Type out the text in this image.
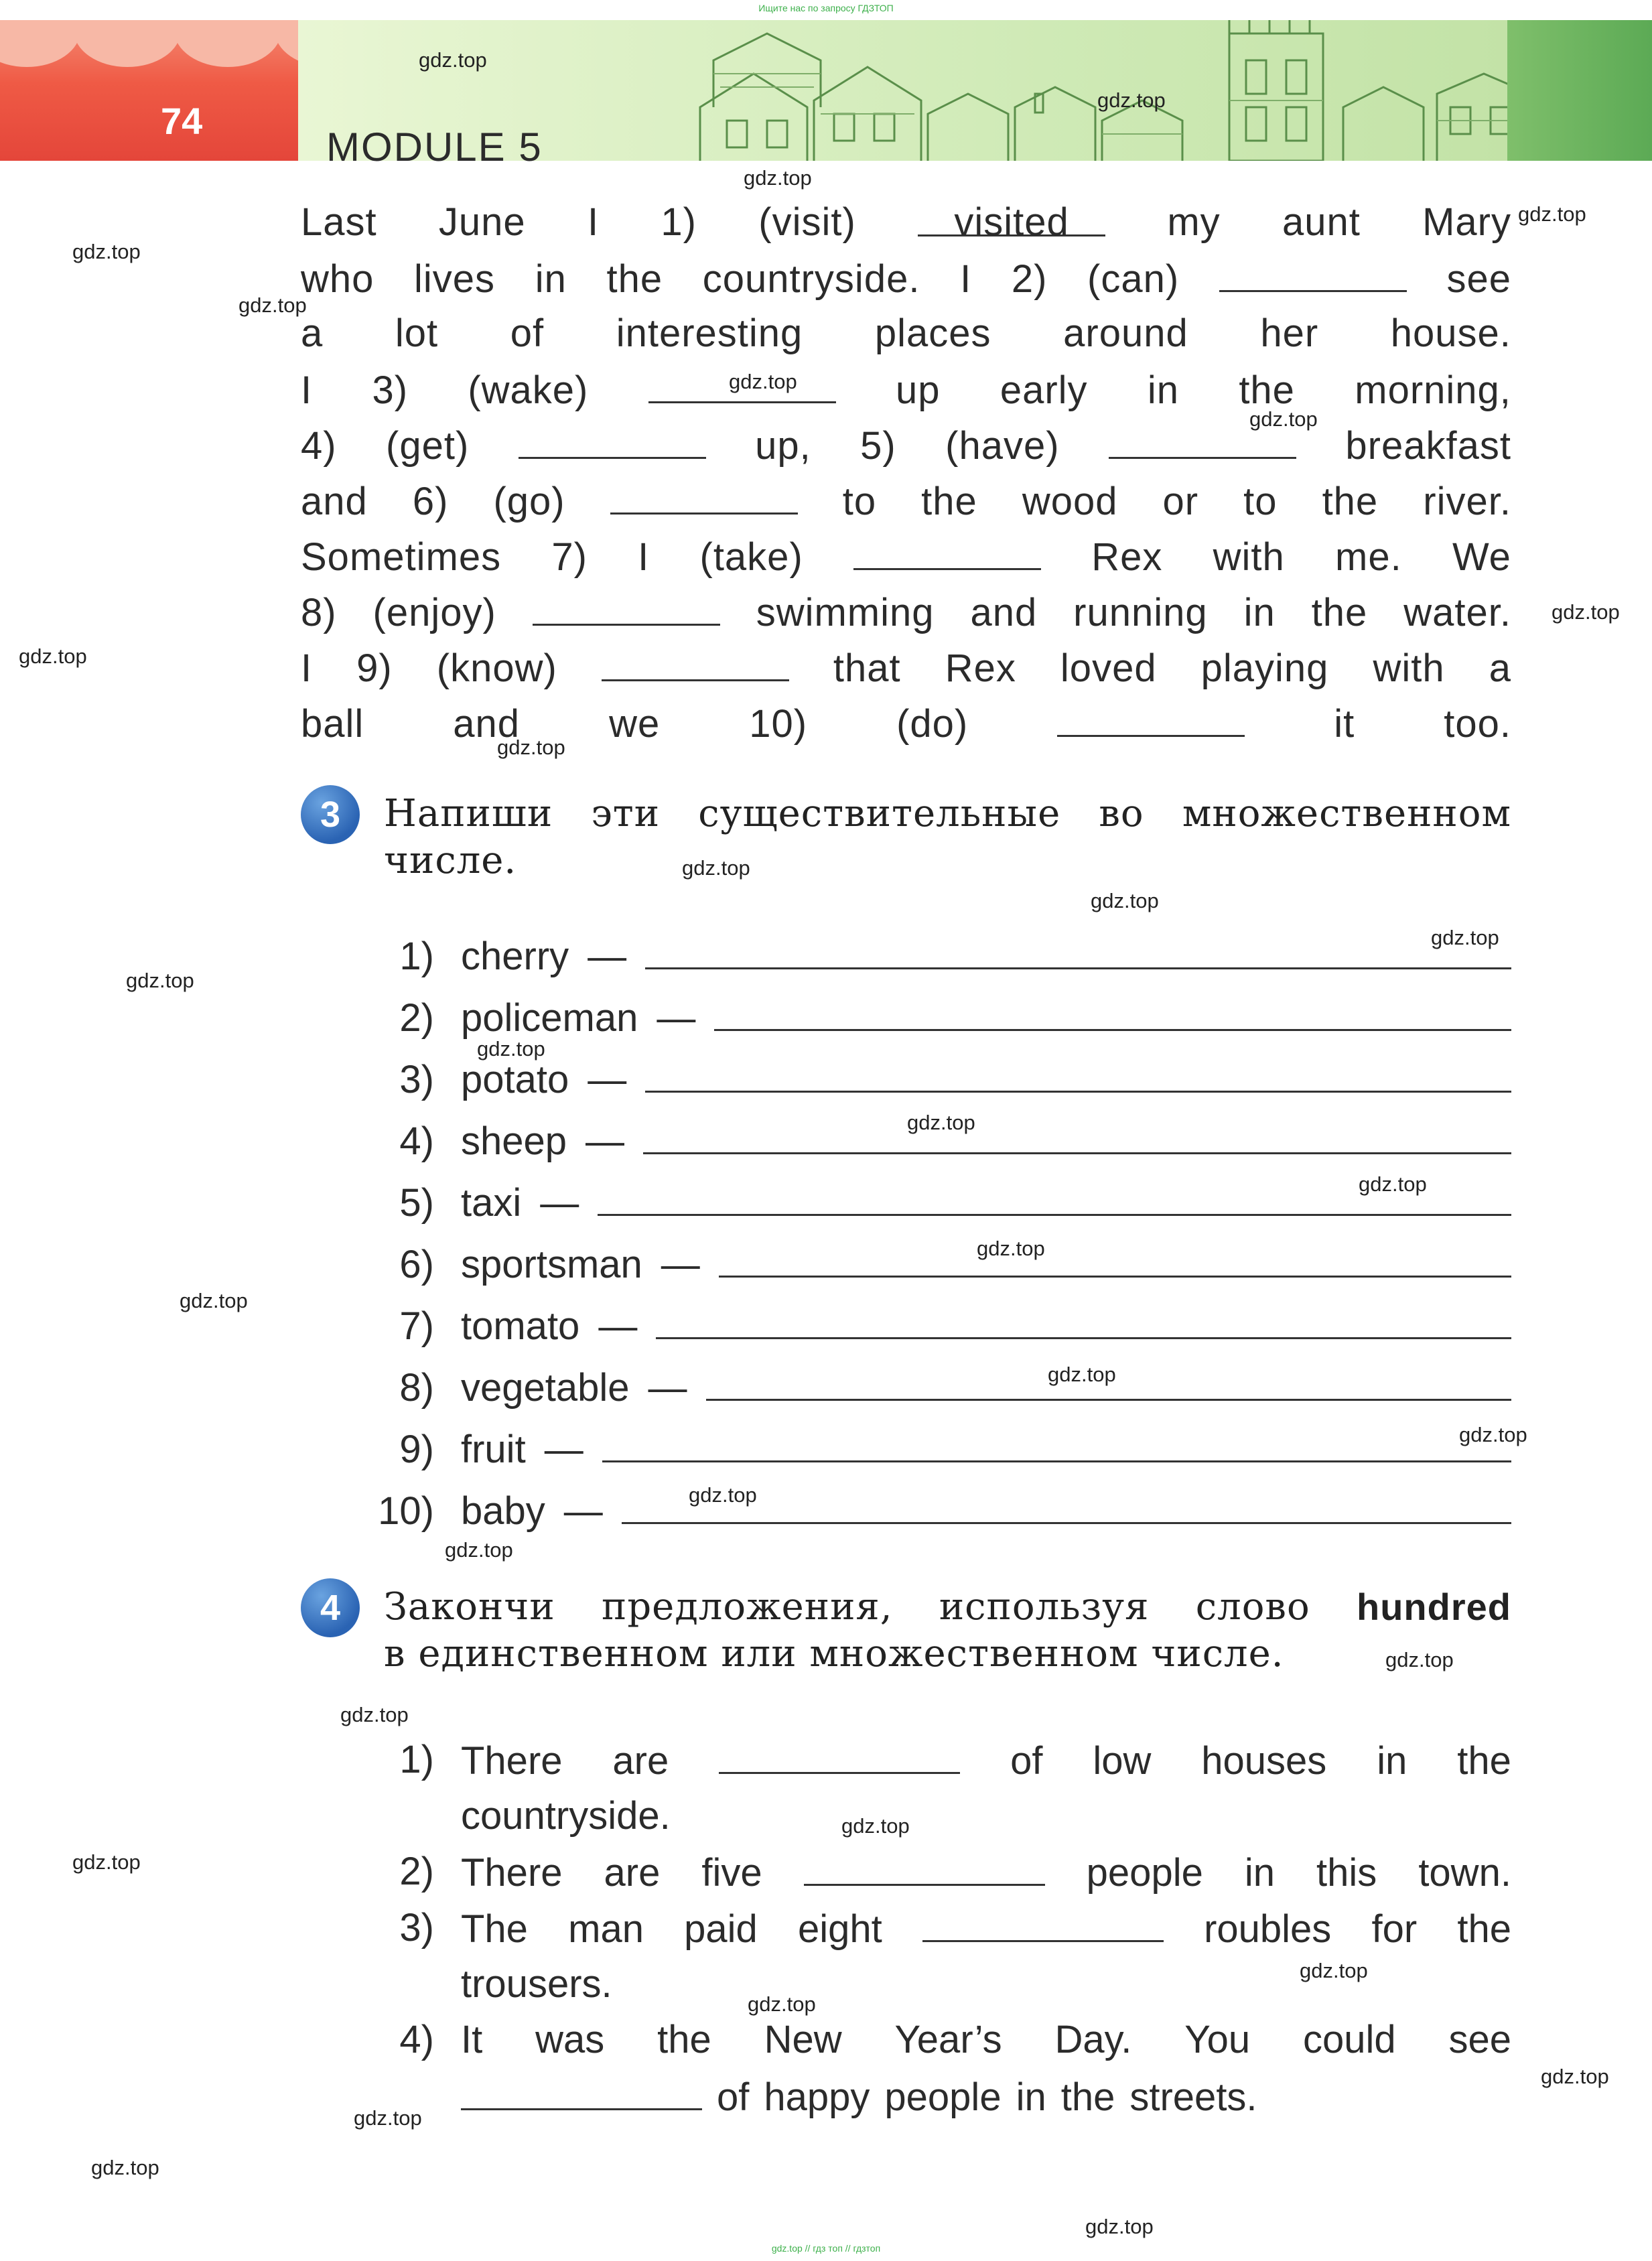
Ищите нас по запросу ГДЗТОП
74
MODULE 5
Last June I 1) (visit)	visited	my aunt Mary
who lives in the countryside. I 2) (can)	see
a lot of interesting places around her house.
I 3) (wake)	up early in the morning,
4) (get)	up, 5) (have)	breakfast
and 6) (go)	to the wood or to the river.
Sometimes 7) I (take)	Rex with me. We
8) (enjoy)	swimming and running in the water.
I 9) (know)	that Rex loved playing with a
ball and we 10) (do)	it too.
3	Напиши эти существительные во множественном
числе.
1) cherry —
2) policeman —
3) potato —
4) sheep —
5) taxi —
6) sportsman —
7) tomato —
8) vegetable —
9) fruit —
10) baby —
4	Закончи предложения, используя слово hundred
в единственном или множественном числе.
1) There are	of low houses in the
countryside.
2) There are five	people in this town.
3) The man paid eight	roubles for the
trousers.
4) It was the New Year’s Day. You could see
of happy people in the streets.
gdz.top
gdz.top
gdz.top
gdz.top
gdz.top
gdz.top
gdz.top
gdz.top
gdz.top
gdz.top
gdz.top
gdz.top
gdz.top
gdz.top
gdz.top
gdz.top
gdz.top
gdz.top
gdz.top
gdz.top
gdz.top
gdz.top
gdz.top
gdz.top
gdz.top
gdz.top
gdz.top
gdz.top
gdz.top
gdz.top
gdz.top
gdz.top
gdz.top
gdz.top
gdz.top // гдз топ // гдзтоп
